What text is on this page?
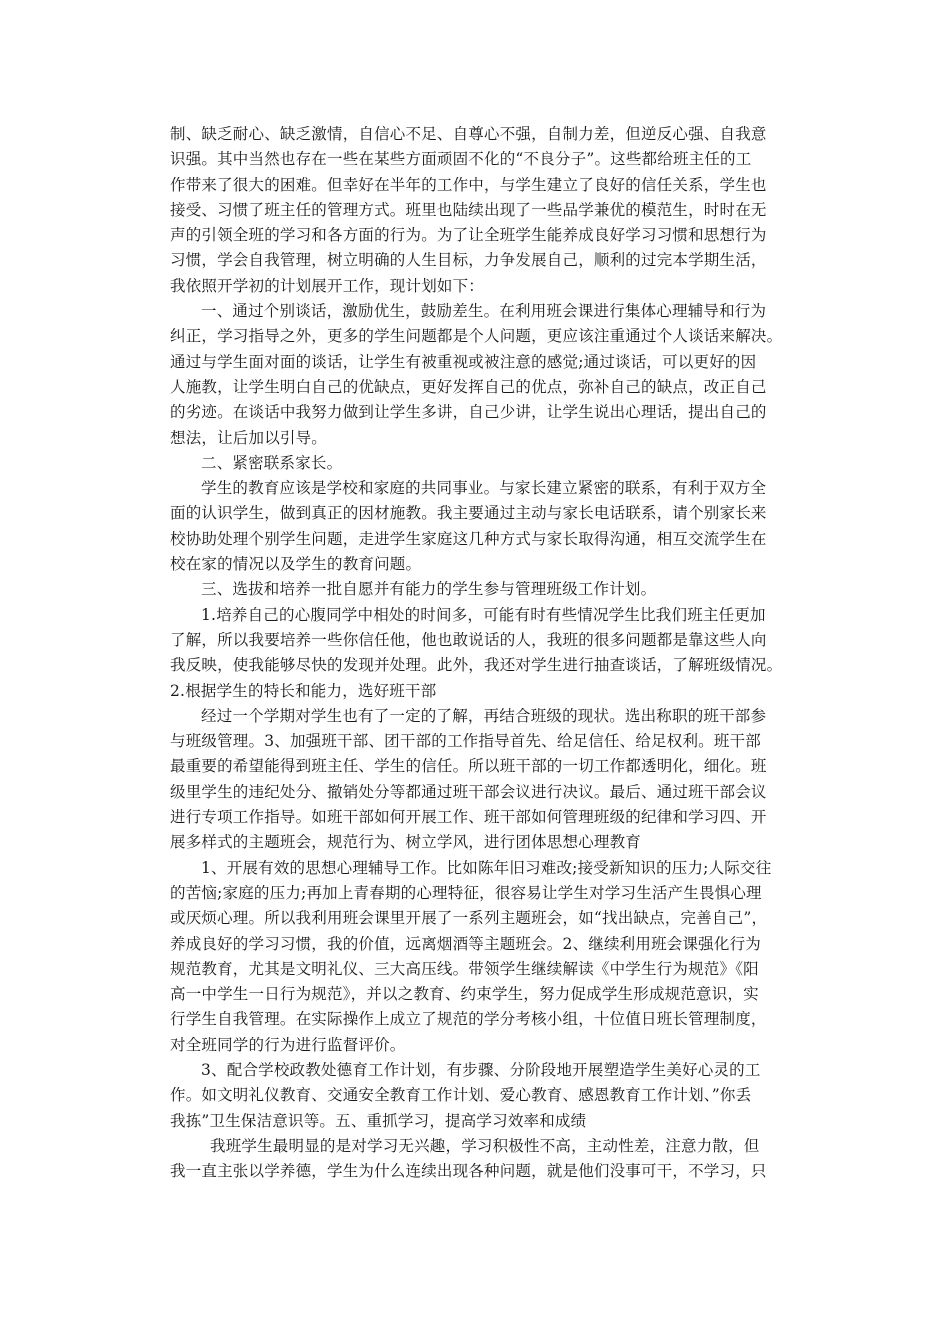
制、缺乏耐心、缺乏激情，自信心不足、自尊心不强，自制力差，但逆反心强、自我意
识强。其中当然也存在一些在某些方面顽固不化的“不良分子”。这些都给班主任的工
作带来了很大的困难。但幸好在半年的工作中，与学生建立了良好的信任关系，学生也
接受、习惯了班主任的管理方式。班里也陆续出现了一些品学兼优的模范生，时时在无
声的引领全班的学习和各方面的行为。为了让全班学生能养成良好学习习惯和思想行为
习惯，学会自我管理，树立明确的人生目标，力争发展自己，顺利的过完本学期生活，
我依照开学初的计划展开工作，现计划如下：
一、通过个别谈话，激励优生，鼓励差生。在利用班会课进行集体心理辅导和行为
纠正，学习指导之外，更多的学生问题都是个人问题，更应该注重通过个人谈话来解决。
通过与学生面对面的谈话，让学生有被重视或被注意的感觉;通过谈话，可以更好的因
人施教，让学生明白自己的优缺点，更好发挥自己的优点，弥补自己的缺点，改正自己
的劣迹。在谈话中我努力做到让学生多讲，自己少讲，让学生说出心理话，提出自己的
想法，让后加以引导。
二、紧密联系家长。
学生的教育应该是学校和家庭的共同事业。与家长建立紧密的联系，有利于双方全
面的认识学生，做到真正的因材施教。我主要通过主动与家长电话联系，请个别家长来
校协助处理个别学生问题，走进学生家庭这几种方式与家长取得沟通，相互交流学生在
校在家的情况以及学生的教育问题。
三、选拔和培养一批自愿并有能力的学生参与管理班级工作计划。
1.培养自己的心腹同学中相处的时间多，可能有时有些情况学生比我们班主任更加
了解，所以我要培养一些你信任他，他也敢说话的人，我班的很多问题都是靠这些人向
我反映，使我能够尽快的发现并处理。此外，我还对学生进行抽查谈话，了解班级情况。
2.根据学生的特长和能力，选好班干部
经过一个学期对学生也有了一定的了解，再结合班级的现状。选出称职的班干部参
与班级管理。3、加强班干部、团干部的工作指导首先、给足信任、给足权利。班干部
最重要的希望能得到班主任、学生的信任。所以班干部的一切工作都透明化，细化。班
级里学生的违纪处分、撤销处分等都通过班干部会议进行决议。最后、通过班干部会议
进行专项工作指导。如班干部如何开展工作、班干部如何管理班级的纪律和学习四、开
展多样式的主题班会，规范行为、树立学风，进行团体思想心理教育
1、开展有效的思想心理辅导工作。比如陈年旧习难改;接受新知识的压力;人际交往
的苦恼;家庭的压力;再加上青春期的心理特征，很容易让学生对学习生活产生畏惧心理
或厌烦心理。所以我利用班会课里开展了一系列主题班会，如“找出缺点，完善自己”，
养成良好的学习习惯，我的价值，远离烟酒等主题班会。2、继续利用班会课强化行为
规范教育，尤其是文明礼仪、三大高压线。带领学生继续解读《中学生行为规范》《阳
高一中学生一日行为规范》，并以之教育、约束学生，努力促成学生形成规范意识，实
行学生自我管理。在实际操作上成立了规范的学分考核小组，十位值日班长管理制度，
对全班同学的行为进行监督评价。
3、配合学校政教处德育工作计划，有步骤、分阶段地开展塑造学生美好心灵的工
作。如文明礼仪教育、交通安全教育工作计划、爱心教育、感恩教育工作计划、”你丢
我拣”卫生保洁意识等。五、重抓学习，提高学习效率和成绩
我班学生最明显的是对学习无兴趣，学习积极性不高，主动性差，注意力散，但
我一直主张以学养德，学生为什么连续出现各种问题，就是他们没事可干，不学习，只
